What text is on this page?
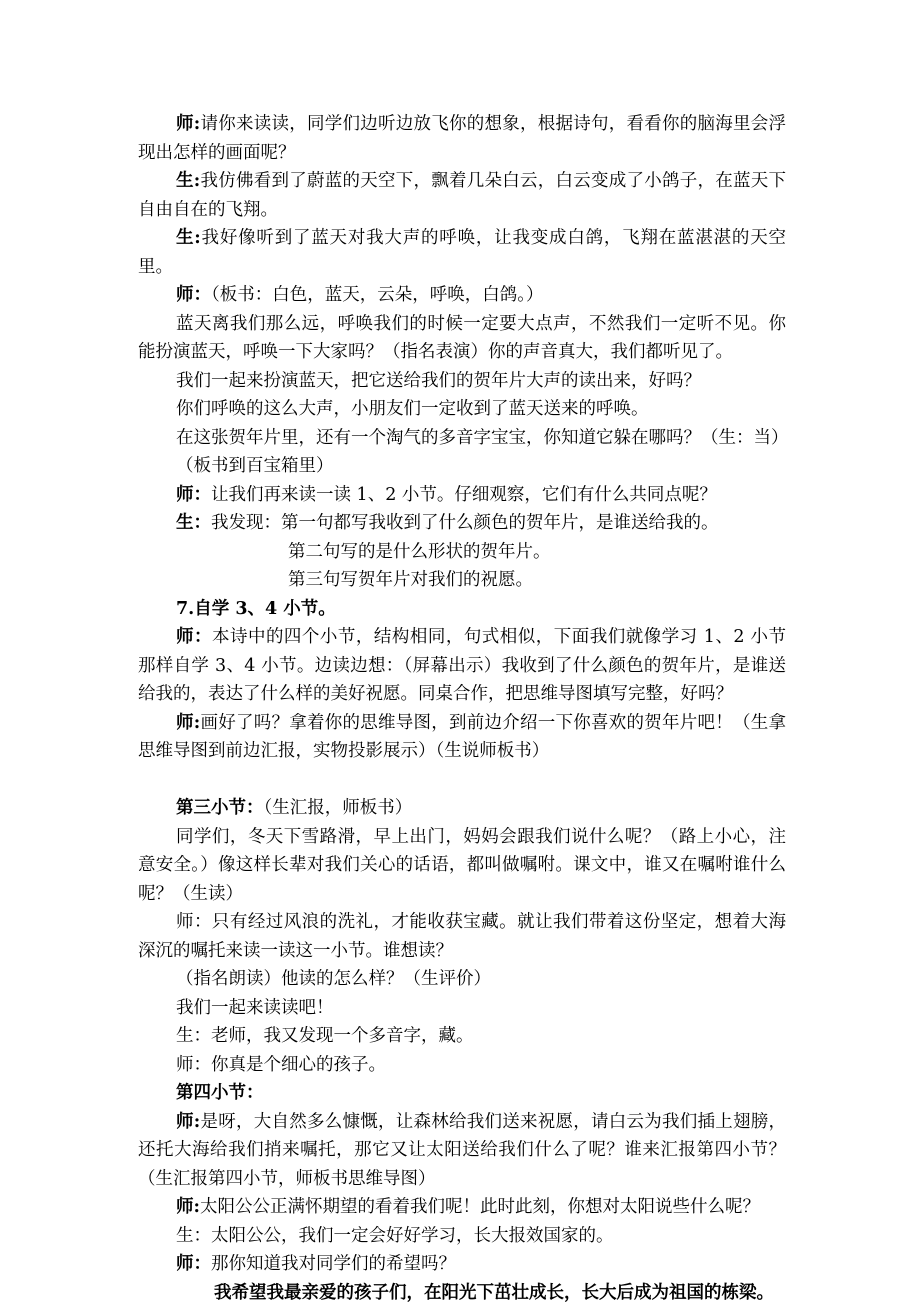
师:请你来读读，同学们边听边放飞你的想象，根据诗句，看看你的脑海里会浮现出怎样的画面呢？

生:我仿佛看到了蔚蓝的天空下，飘着几朵白云，白云变成了小鸽子，在蓝天下自由自在的飞翔。

生:我好像听到了蓝天对我大声的呼唤，让我变成白鸽，飞翔在蓝湛湛的天空里。

师：（板书：白色，蓝天，云朵，呼唤，白鸽。）

蓝天离我们那么远，呼唤我们的时候一定要大点声，不然我们一定听不见。你能扮演蓝天，呼唤一下大家吗？（指名表演）你的声音真大，我们都听见了。

我们一起来扮演蓝天，把它送给我们的贺年片大声的读出来，好吗？

你们呼唤的这么大声，小朋友们一定收到了蓝天送来的呼唤。

在这张贺年片里，还有一个淘气的多音字宝宝，你知道它躲在哪吗？（生：当）

（板书到百宝箱里）

师：让我们再来读一读 1、2 小节。仔细观察，它们有什么共同点呢？

生：我发现：第一句都写我收到了什么颜色的贺年片，是谁送给我的。

第二句写的是什么形状的贺年片。

第三句写贺年片对我们的祝愿。

7.自学 3、4 小节。

师：本诗中的四个小节，结构相同，句式相似，下面我们就像学习 1、2 小节那样自学 3、4 小节。边读边想：（屏幕出示）我收到了什么颜色的贺年片，是谁送给我的，表达了什么样的美好祝愿。同桌合作，把思维导图填写完整，好吗？

师:画好了吗？拿着你的思维导图，到前边介绍一下你喜欢的贺年片吧！（生拿思维导图到前边汇报，实物投影展示）（生说师板书）

第三小节：（生汇报，师板书）

同学们，冬天下雪路滑，早上出门，妈妈会跟我们说什么呢？（路上小心，注意安全。）像这样长辈对我们关心的话语，都叫做嘱咐。课文中，谁又在嘱咐谁什么呢？（生读）

师：只有经过风浪的洗礼，才能收获宝藏。就让我们带着这份坚定，想着大海深沉的嘱托来读一读这一小节。谁想读？

（指名朗读）他读的怎么样？（生评价）

我们一起来读读吧！

生：老师，我又发现一个多音字，藏。

师：你真是个细心的孩子。

第四小节：

师:是呀，大自然多么慷慨，让森林给我们送来祝愿，请白云为我们插上翅膀，还托大海给我们捎来嘱托，那它又让太阳送给我们什么了呢？谁来汇报第四小节？（生汇报第四小节，师板书思维导图）

师:太阳公公正满怀期望的看着我们呢！此时此刻，你想对太阳说些什么呢？

生：太阳公公，我们一定会好好学习，长大报效国家的。

师：那你知道我对同学们的希望吗？

我希望我最亲爱的孩子们，在阳光下茁壮成长，长大后成为祖国的栋梁。
